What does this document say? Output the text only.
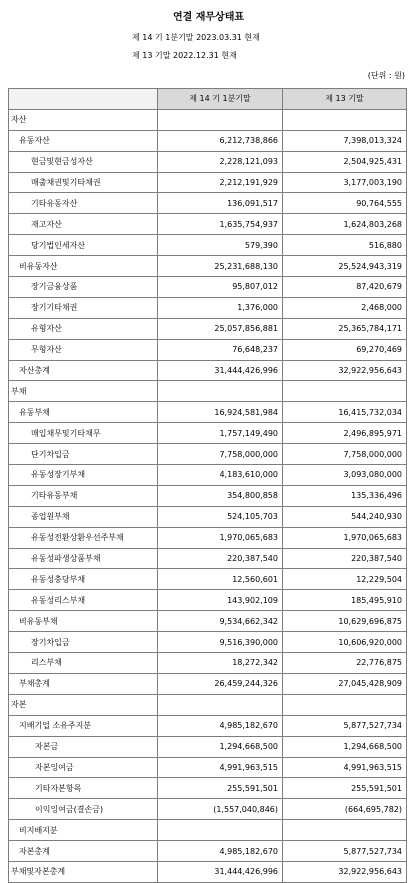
연결 재무상태표
제 14 기 1분기말 2023.03.31 현재
제 13 기말 2022.12.31 현재
(단위 : 원)
	제 14 기 1분기말	제 13 기말
자산		
유동자산	6,212,738,866	7,398,013,324
현금및현금성자산	2,228,121,093	2,504,925,431
매출채권및기타채권	2,212,191,929	3,177,003,190
기타유동자산	136,091,517	90,764,555
재고자산	1,635,754,937	1,624,803,268
당기법인세자산	579,390	516,880
비유동자산	25,231,688,130	25,524,943,319
장기금융상품	95,807,012	87,420,679
장기기타채권	1,376,000	2,468,000
유형자산	25,057,856,881	25,365,784,171
무형자산	76,648,237	69,270,469
자산총계	31,444,426,996	32,922,956,643
부채		
유동부채	16,924,581,984	16,415,732,034
매입채무및기타채무	1,757,149,490	2,496,895,971
단기차입금	7,758,000,000	7,758,000,000
유동성장기부채	4,183,610,000	3,093,080,000
기타유동부채	354,800,858	135,336,496
종업원부채	524,105,703	544,240,930
유동성전환상환우선주부채	1,970,065,683	1,970,065,683
유동성파생상품부채	220,387,540	220,387,540
유동성충당부채	12,560,601	12,229,504
유동성리스부채	143,902,109	185,495,910
비유동부채	9,534,662,342	10,629,696,875
장기차입금	9,516,390,000	10,606,920,000
리스부채	18,272,342	22,776,875
부채총계	26,459,244,326	27,045,428,909
자본		
지배기업 소유주지분	4,985,182,670	5,877,527,734
자본금	1,294,668,500	1,294,668,500
자본잉여금	4,991,963,515	4,991,963,515
기타자본항목	255,591,501	255,591,501
이익잉여금(결손금)	(1,557,040,846)	(664,695,782)
비지배지분		
자본총계	4,985,182,670	5,877,527,734
부채및자본총계	31,444,426,996	32,922,956,643
